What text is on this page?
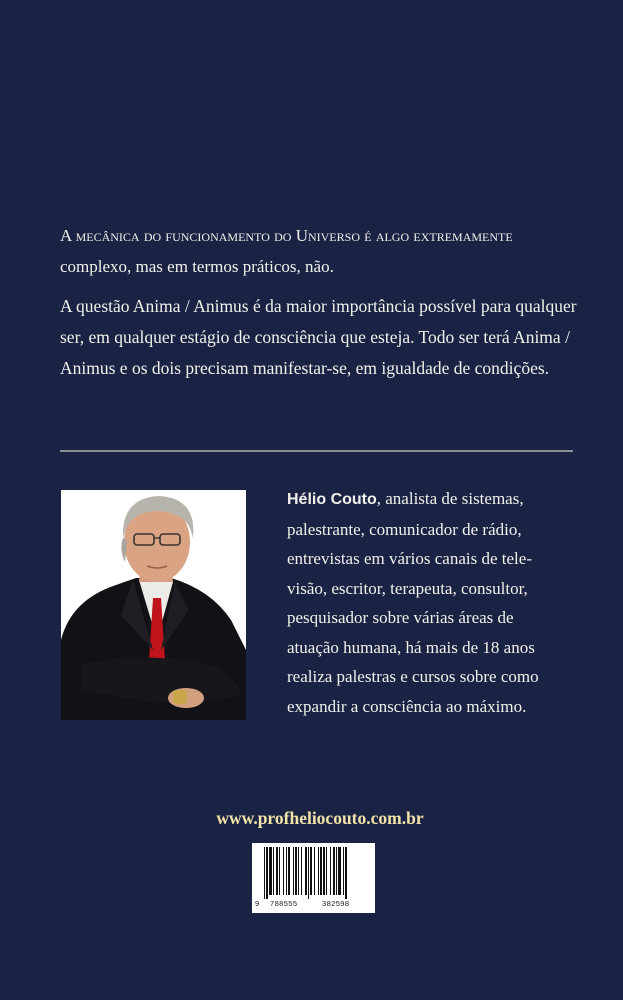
A mecânica do funcionamento do Universo é algo extremamente
complexo, mas em termos práticos, não.

A questão Anima / Animus é da maior importância possível para qualquer ser, em qualquer estágio de consciência que esteja. Todo ser terá Anima / Animus e os dois precisam manifestar-se, em igualdade de condições.

Hélio Couto, analista de sistemas,
palestrante, comunicador de rádio,
entrevistas em vários canais de tele-
visão, escritor, terapeuta, consultor,
pesquisador sobre várias áreas de
atuação humana, há mais de 18 anos
realiza palestras e cursos sobre como
expandir a consciência ao máximo.
www.profheliocouto.com.br
9 788555	382598
